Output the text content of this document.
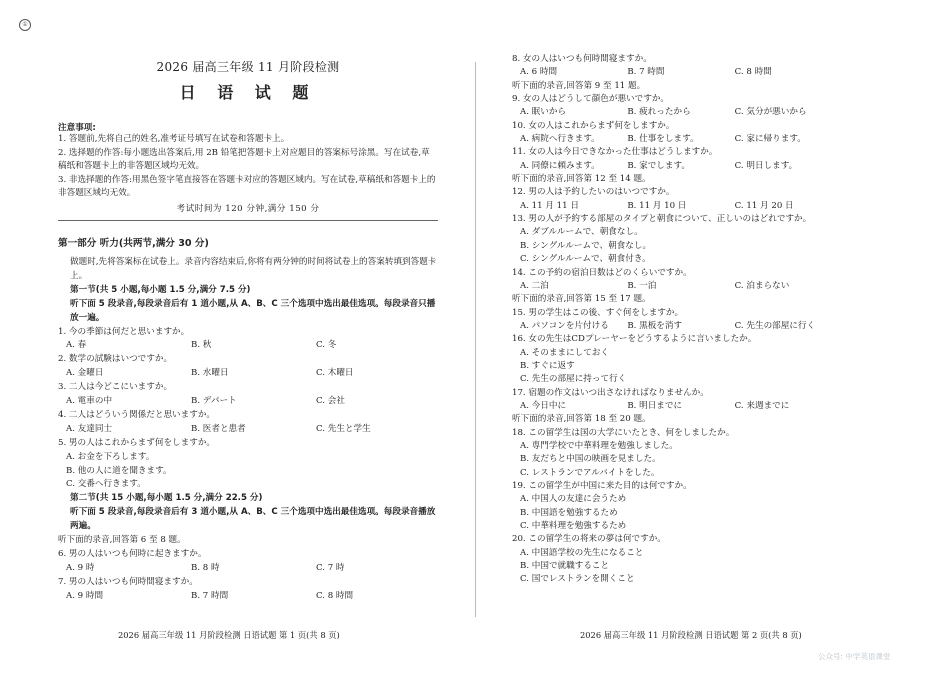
①
2026 届高三年级 11 月阶段检测
日 语 试 题
注意事项:

1. 答题前,先将自己的姓名,准考证号填写在试卷和答题卡上。

2. 选择题的作答:每小题选出答案后,用 2B 铅笔把答题卡上对应题目的答案标号涂黑。写在试卷,草稿纸和答题卡上的非答题区域均无效。

3. 非选择题的作答:用黑色签字笔直接答在答题卡对应的答题区域内。写在试卷,草稿纸和答题卡上的非答题区域均无效。

考试时间为 120 分钟,满分 150 分
第一部分 听力(共两节,满分 30 分)
做题时,先将答案标在试卷上。录音内容结束后,你将有两分钟的时间将试卷上的答案转填到答题卡上。
第一节(共 5 小题,每小题 1.5 分,满分 7.5 分)
听下面 5 段录音,每段录音后有 1 道小题,从 A、B、C 三个选项中选出最佳选项。每段录音只播放一遍。
1. 今の季節は何だと思いますか。
A. 春	B. 秋	C. 冬
2. 数学の試験はいつですか。
A. 金曜日	B. 水曜日	C. 木曜日
3. 二人は今どこにいますか。
A. 電車の中	B. デパート	C. 会社
4. 二人はどういう関係だと思いますか。
A. 友達同士	B. 医者と患者	C. 先生と学生
5. 男の人はこれからまず何をしますか。
A. お金を下ろします。
B. 他の人に道を聞きます。
C. 交番へ行きます。
第二节(共 15 小题,每小题 1.5 分,满分 22.5 分)
听下面 5 段录音,每段录音后有 3 道小题,从 A、B、C 三个选项中选出最佳选项。每段录音播放两遍。
听下面的录音,回答第 6 至 8 题。
6. 男の人はいつも何時に起きますか。
A. 9 時	B. 8 時	C. 7 時
7. 男の人はいつも何時間寝ますか。
A. 9 時間	B. 7 時間	C. 8 時間
8. 女の人はいつも何時間寝ますか。
A. 6 時間	B. 7 時間	C. 8 時間
听下面的录音,回答第 9 至 11 题。
9. 女の人はどうして顔色が悪いですか。
A. 眠いから	B. 疲れったから	C. 気分が悪いから
10. 女の人はこれからまず何をしますか。
A. 病院へ行きます。	B. 仕事をします。	C. 家に帰ります。
11. 女の人は今日できなかった仕事はどうしますか。
A. 同僚に頼みます。	B. 家でします。	C. 明日します。
听下面的录音,回答第 12 至 14 题。
12. 男の人は予約したいのはいつですか。
A. 11 月 11 日	B. 11 月 10 日	C. 11 月 20 日
13. 男の人が予約する部屋のタイプと朝食について、正しいのはどれですか。
A. ダブルルームで、朝食なし。
B. シングルルームで、朝食なし。
C. シングルルームで、朝食付き。
14. この予約の宿泊日数はどのくらいですか。
A. 二泊	B. 一泊	C. 泊まらない
听下面的录音,回答第 15 至 17 题。
15. 男の学生はこの後、すぐ何をしますか。
A. パソコンを片付ける	B. 黒板を消す	C. 先生の部屋に行く
16. 女の先生はCDプレーヤーをどうするように言いましたか。
A. そのままにしておく
B. すぐに返す
C. 先生の部屋に持って行く
17. 宿題の作文はいつ出さなければなりませんか。
A. 今日中に	B. 明日までに	C. 来週までに
听下面的录音,回答第 18 至 20 题。
18. この留学生は国の大学にいたとき、何をしましたか。
A. 専門学校で中華料理を勉強しました。
B. 友だちと中国の映画を見ました。
C. レストランでアルバイトをした。
19. この留学生が中国に来た目的は何ですか。
A. 中国人の友達に会うため
B. 中国語を勉強するため
C. 中華料理を勉強するため
20. この留学生の将来の夢は何ですか。
A. 中国語学校の先生になること
B. 中国で就職すること
C. 国でレストランを開くこと
2026 届高三年级 11 月阶段检测 日语试题 第 1 页(共 8 页)	2026 届高三年级 11 月阶段检测 日语试题 第 2 页(共 8 页)
公众号: 中学英语课堂
